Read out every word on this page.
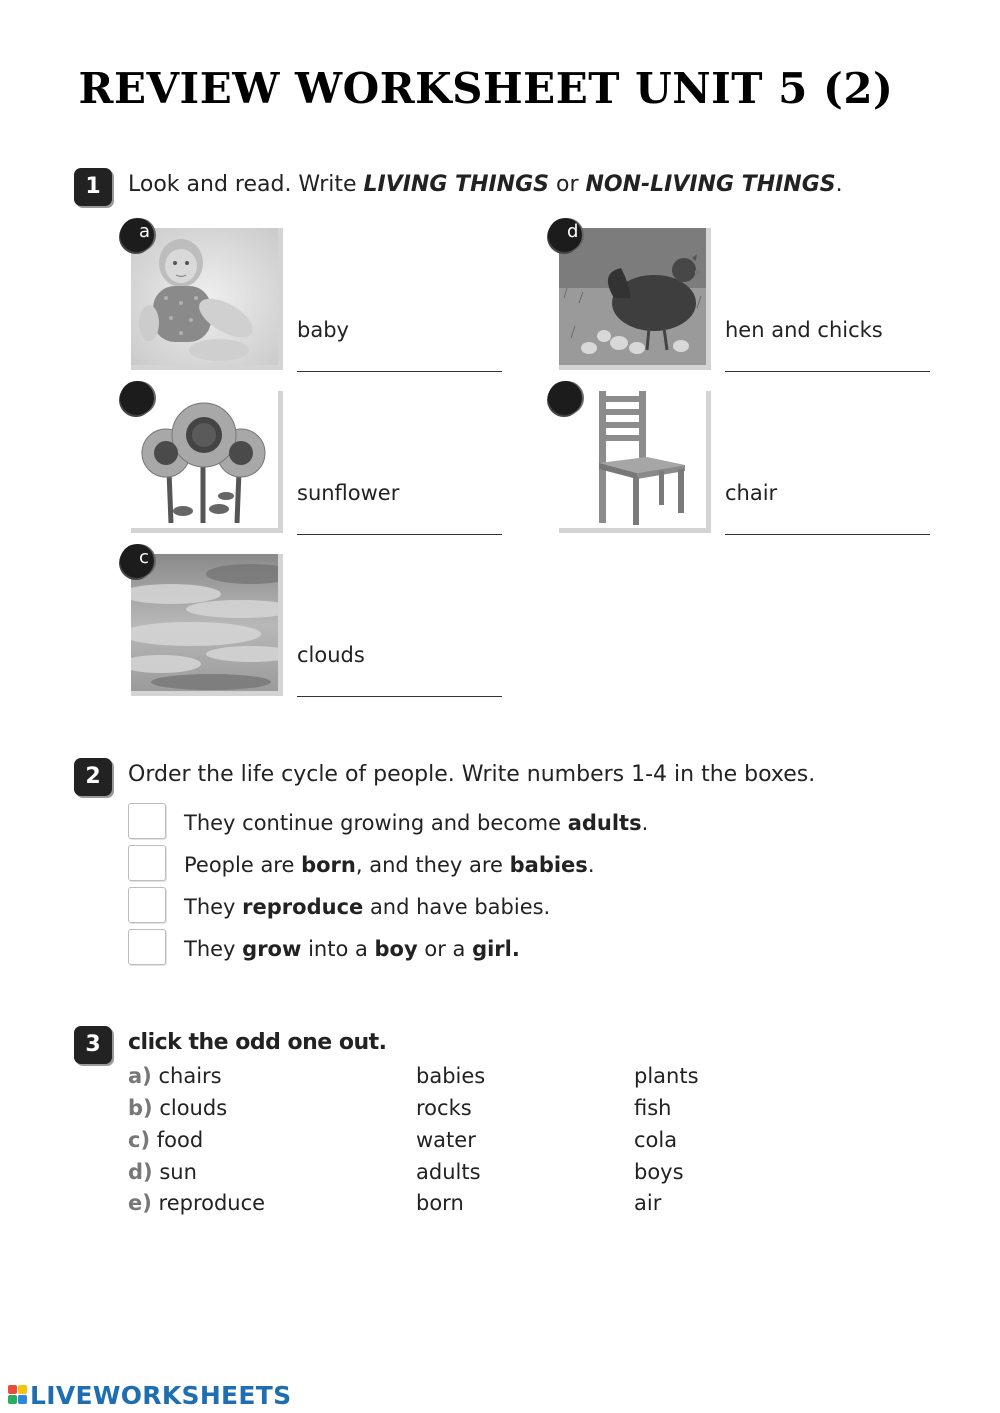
REVIEW WORKSHEET UNIT 5 (2)
1	Look and read. Write LIVING THINGS or NON-LIVING THINGS.
a
baby
d
hen and chicks
sunflower	chair
c
clouds
2	Order the life cycle of people. Write numbers 1-4 in the boxes.
They continue growing and become adults.
People are born, and they are babies.
They reproduce and have babies.
They grow into a boy or a girl.
3	click the odd one out.
a) chairs	babies	plants
b) clouds	rocks	fish
c) food	water	cola
d) sun	adults	boys
e) reproduce	born	air
LIVEWORKSHEETS
